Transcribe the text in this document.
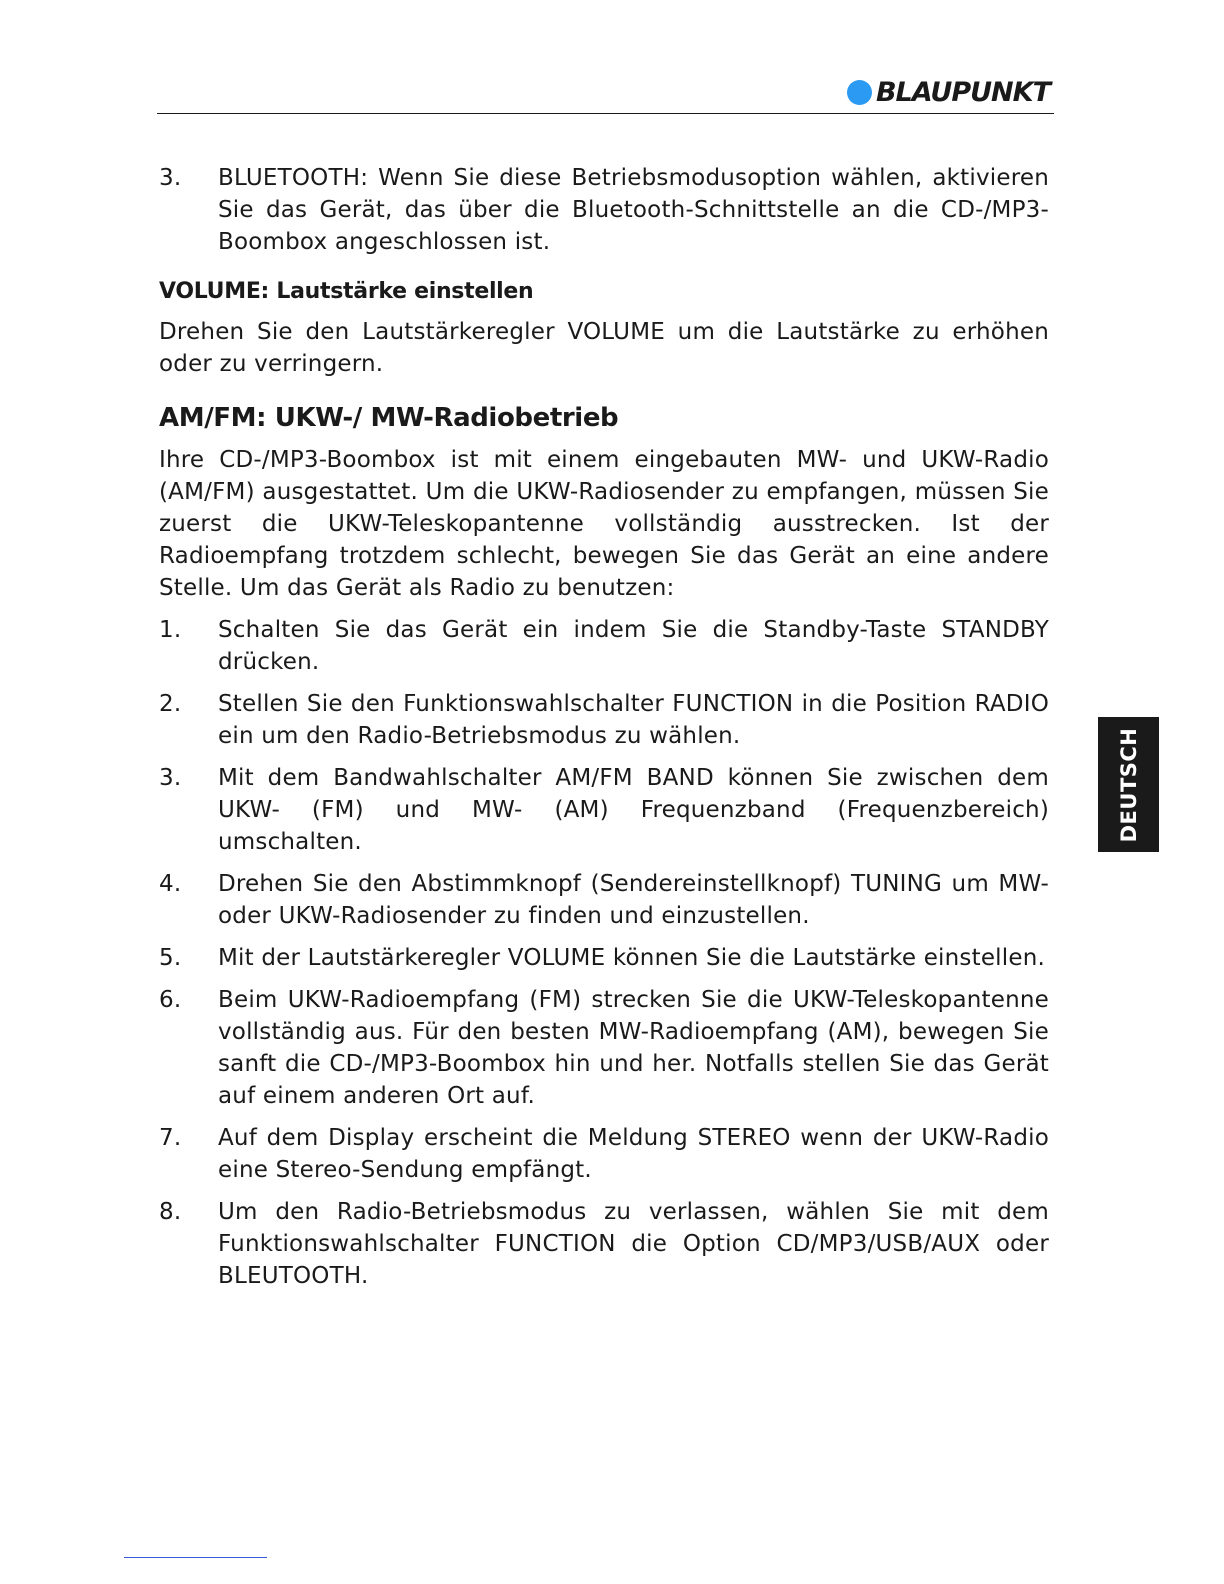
BLAUPUNKT
3.	BLUETOOTH: Wenn Sie diese Betriebsmodusoption wählen, aktivieren Sie das Gerät, das über die Bluetooth-Schnittstelle an die CD-/MP3-Boombox angeschlossen ist.
VOLUME: Lautstärke einstellen

Drehen Sie den Lautstärkeregler VOLUME um die Lautstärke zu erhöhen oder zu verringern.

AM/FM: UKW-/ MW-Radiobetrieb

Ihre CD-/MP3-Boombox ist mit einem eingebauten MW- und UKW-Radio (AM/FM) ausgestattet. Um die UKW-Radiosender zu empfangen, müssen Sie zuerst die UKW-Teleskopantenne vollständig ausstrecken. Ist der Radioempfang trotzdem schlecht, bewegen Sie das Gerät an eine andere Stelle. Um das Gerät als Radio zu benutzen:

1.	Schalten Sie das Gerät ein indem Sie die Standby-Taste STANDBY drücken.
2.	Stellen Sie den Funktionswahlschalter FUNCTION in die Position RADIO ein um den Radio-Betriebsmodus zu wählen.
3.	Mit dem Bandwahlschalter AM/FM BAND können Sie zwischen dem UKW- (FM) und MW- (AM) Frequenzband (Frequenzbereich) umschalten.
4.	Drehen Sie den Abstimmknopf (Sendereinstellknopf) TUNING um MW- oder UKW-Radiosender zu finden und einzustellen.
5.	Mit der Lautstärkeregler VOLUME können Sie die Lautstärke einstellen.
6.	Beim UKW-Radioempfang (FM) strecken Sie die UKW-Teleskopantenne vollständig aus. Für den besten MW-Radioempfang (AM), bewegen Sie sanft die CD-/MP3-Boombox hin und her. Notfalls stellen Sie das Gerät auf einem anderen Ort auf.
7.	Auf dem Display erscheint die Meldung STEREO wenn der UKW-Radio eine Stereo-Sendung empfängt.
8.	Um den Radio-Betriebsmodus zu verlassen, wählen Sie mit dem Funktionswahlschalter FUNCTION die Option CD/MP3/USB/AUX oder BLEUTOOTH.
DEUTSCH
